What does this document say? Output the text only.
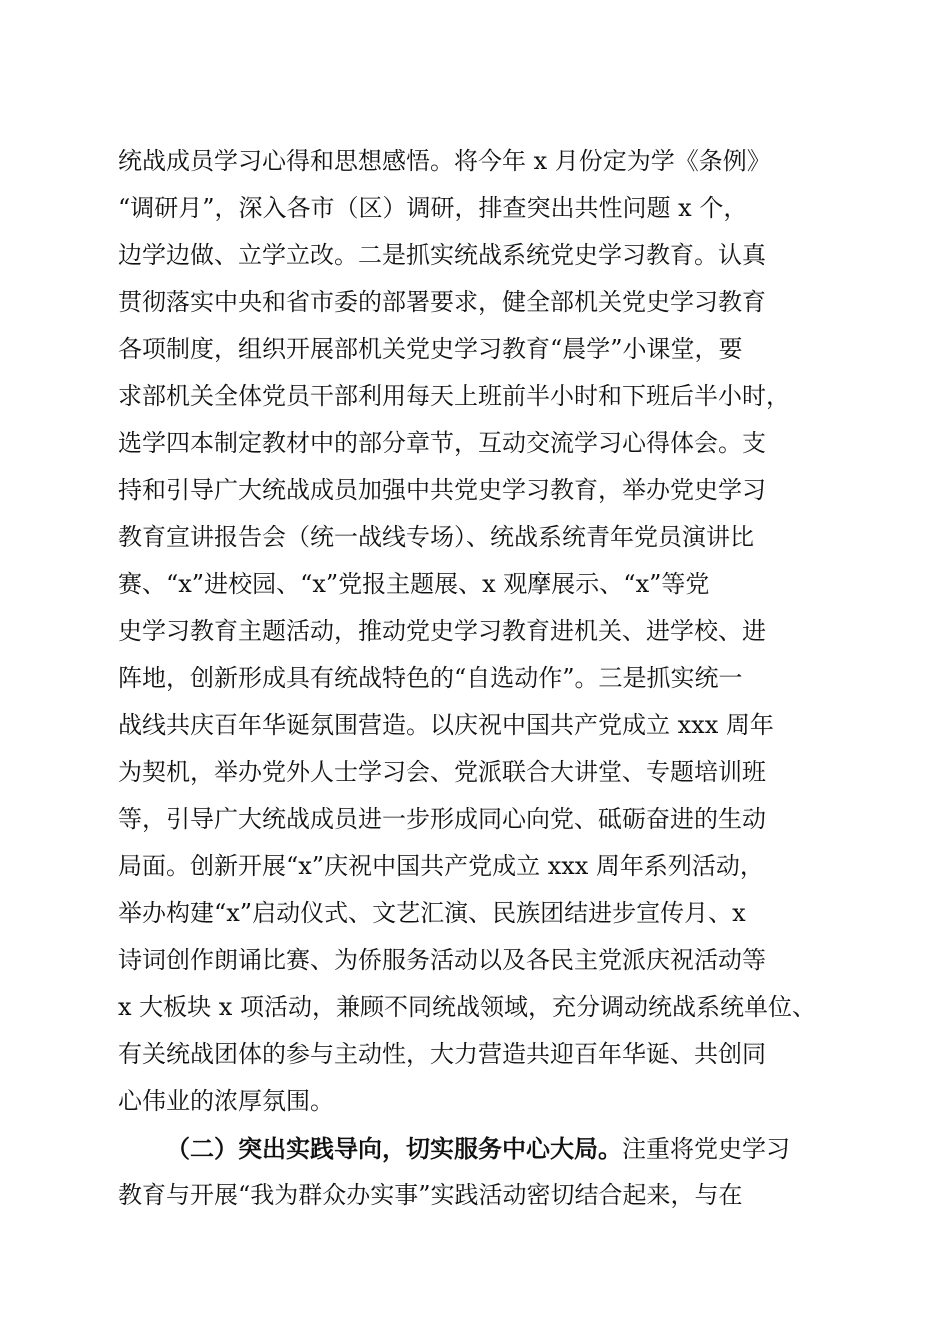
统战成员学习心得和思想感悟。将今年 x 月份定为学《条例》
“调研月”，深入各市（区）调研，排查突出共性问题 x 个，
边学边做、立学立改。二是抓实统战系统党史学习教育。认真
贯彻落实中央和省市委的部署要求，健全部机关党史学习教育
各项制度，组织开展部机关党史学习教育“晨学”小课堂，要
求部机关全体党员干部利用每天上班前半小时和下班后半小时，
选学四本制定教材中的部分章节，互动交流学习心得体会。支
持和引导广大统战成员加强中共党史学习教育，举办党史学习
教育宣讲报告会（统一战线专场）、统战系统青年党员演讲比
赛、“x”进校园、“x”党报主题展、x 观摩展示、“x”等党
史学习教育主题活动，推动党史学习教育进机关、进学校、进
阵地，创新形成具有统战特色的“自选动作”。三是抓实统一
战线共庆百年华诞氛围营造。以庆祝中国共产党成立 xxx 周年
为契机，举办党外人士学习会、党派联合大讲堂、专题培训班
等，引导广大统战成员进一步形成同心向党、砥砺奋进的生动
局面。创新开展“x”庆祝中国共产党成立 xxx 周年系列活动，
举办构建“x”启动仪式、文艺汇演、民族团结进步宣传月、x
诗词创作朗诵比赛、为侨服务活动以及各民主党派庆祝活动等
x 大板块 x 项活动，兼顾不同统战领域，充分调动统战系统单位、
有关统战团体的参与主动性，大力营造共迎百年华诞、共创同
心伟业的浓厚氛围。
（二）突出实践导向，切实服务中心大局。注重将党史学习
教育与开展“我为群众办实事”实践活动密切结合起来，与在
